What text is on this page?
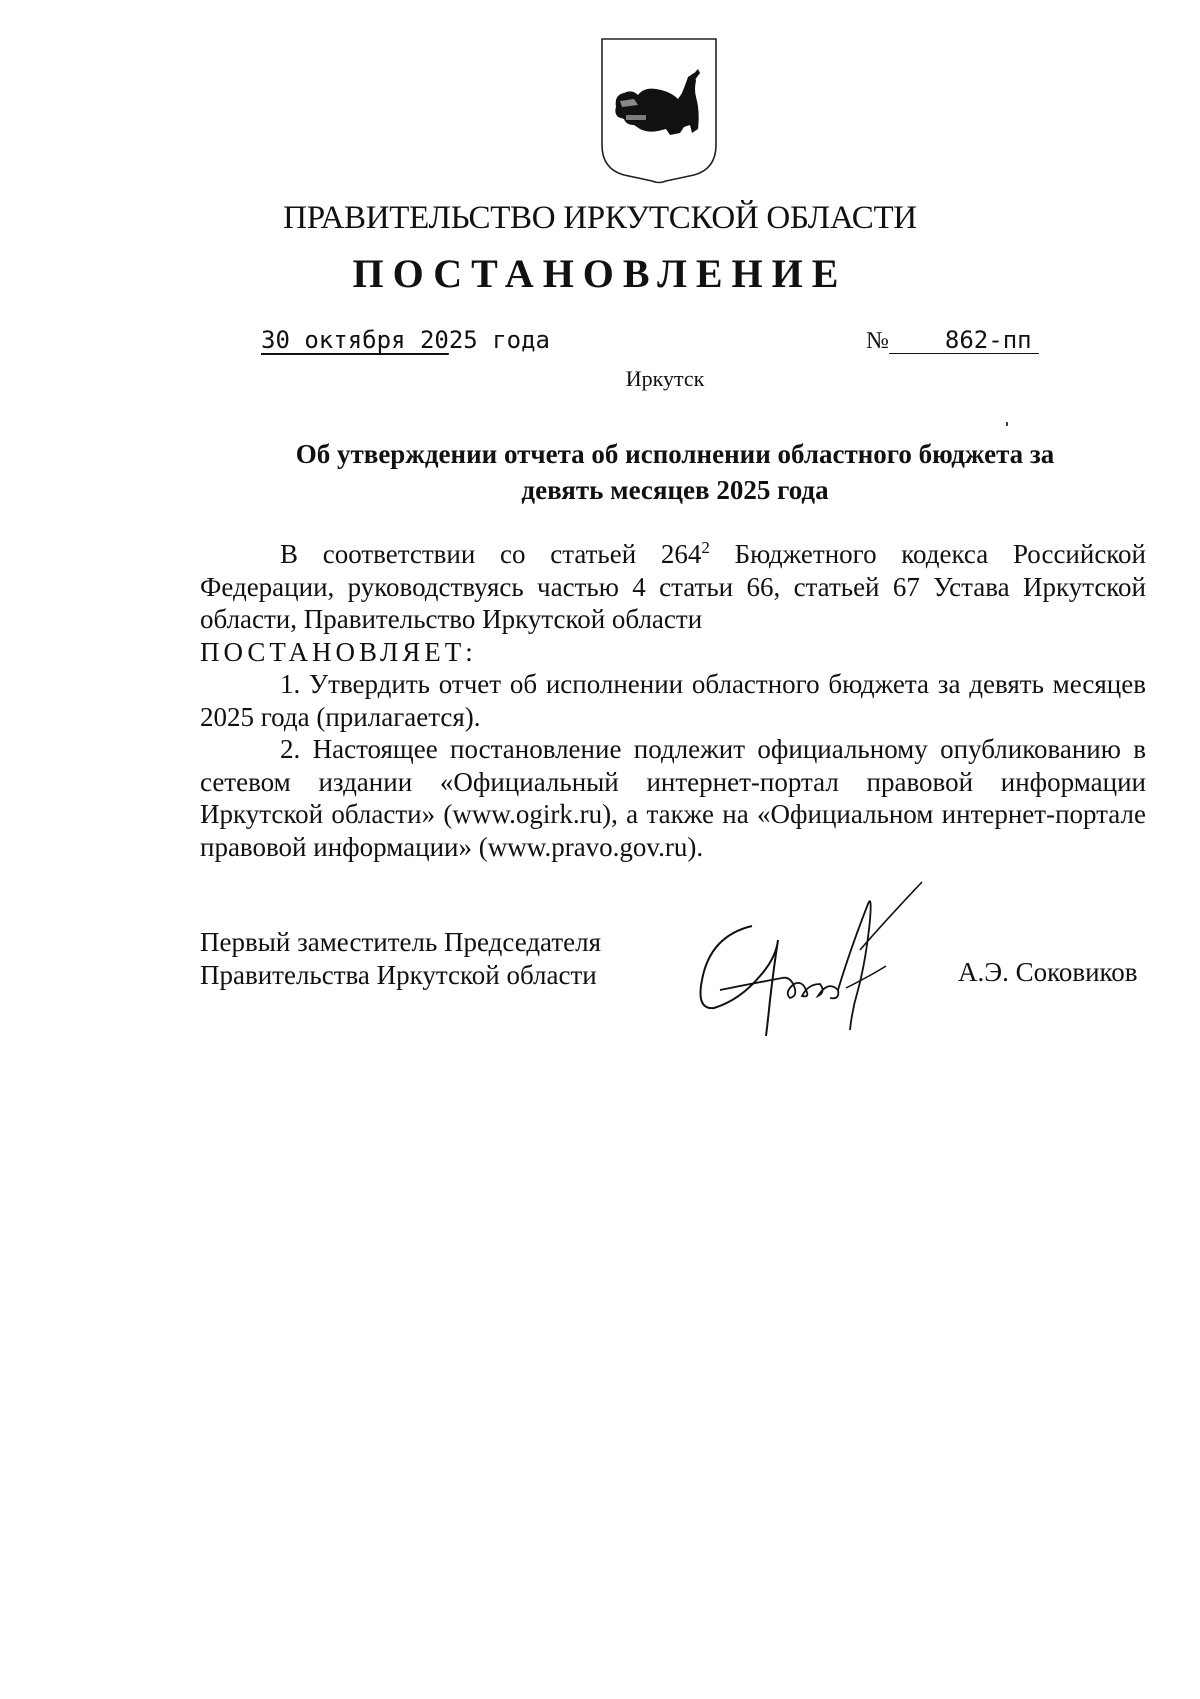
ПРАВИТЕЛЬСТВО ИРКУТСКОЙ ОБЛАСТИ
ПОСТАНОВЛЕНИЕ
30 октября 2025 года	№ 862-пп
Иркутск
Об утверждении отчета об исполнении областного бюджета за
девять месяцев 2025 года

В соответствии со статьей $264^2$ Бюджетного кодекса Российской Федерации, руководствуясь частью 4 статьи 66, статьей 67 Устава Иркутской области, Правительство Иркутской области

ПОСТАНОВЛЯЕТ:

1. Утвердить отчет об исполнении областного бюджета за девять месяцев 2025 года (прилагается).

2. Настоящее постановление подлежит официальному опубликованию в сетевом издании «Официальный интернет-портал правовой информации Иркутской области» (www.ogirk.ru), а также на «Официальном интернет-портале правовой информации» (www.pravo.gov.ru).

Первый заместитель Председателя
Правительства Иркутской области	А.Э. Соковиков
